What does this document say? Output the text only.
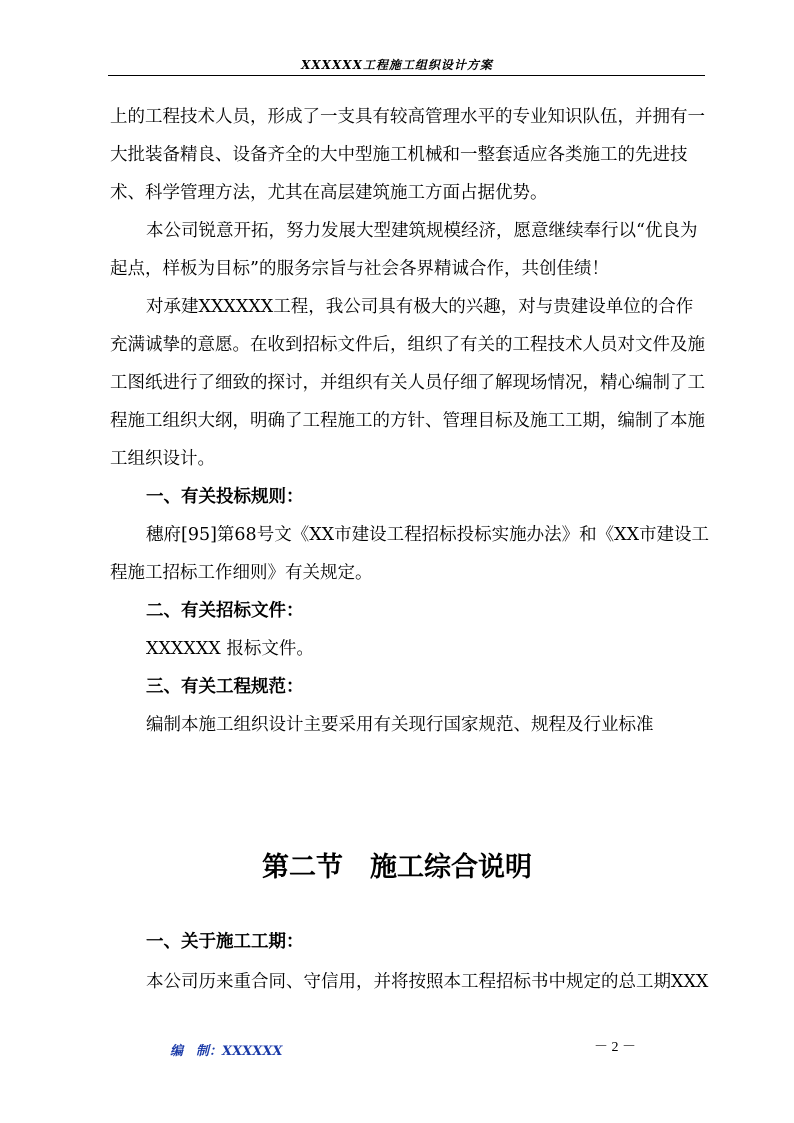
XXXXXX工程施工组织设计方案

上的工程技术人员，形成了一支具有较高管理水平的专业知识队伍，并拥有一大批装备精良、设备齐全的大中型施工机械和一整套适应各类施工的先进技术、科学管理方法，尤其在高层建筑施工方面占据优势。

本公司锐意开拓，努力发展大型建筑规模经济，愿意继续奉行以“优良为起点，样板为目标”的服务宗旨与社会各界精诚合作，共创佳绩！

对承建XXXXXX工程，我公司具有极大的兴趣，对与贵建设单位的合作充满诚挚的意愿。在收到招标文件后，组织了有关的工程技术人员对文件及施工图纸进行了细致的探讨，并组织有关人员仔细了解现场情况，精心编制了工程施工组织大纲，明确了工程施工的方针、管理目标及施工工期，编制了本施工组织设计。

一、有关投标规则：

穗府[95]第68号文《XX市建设工程招标投标实施办法》和《XX市建设工程施工招标工作细则》有关规定。

二、有关招标文件：

XXXXXX 报标文件。

三、有关工程规范：

编制本施工组织设计主要采用有关现行国家规范、规程及行业标准

第二节　施工综合说明

一、关于施工工期：

本公司历来重合同、守信用，并将按照本工程招标书中规定的总工期XXX

编　制：XXXXXX	－ 2 －
